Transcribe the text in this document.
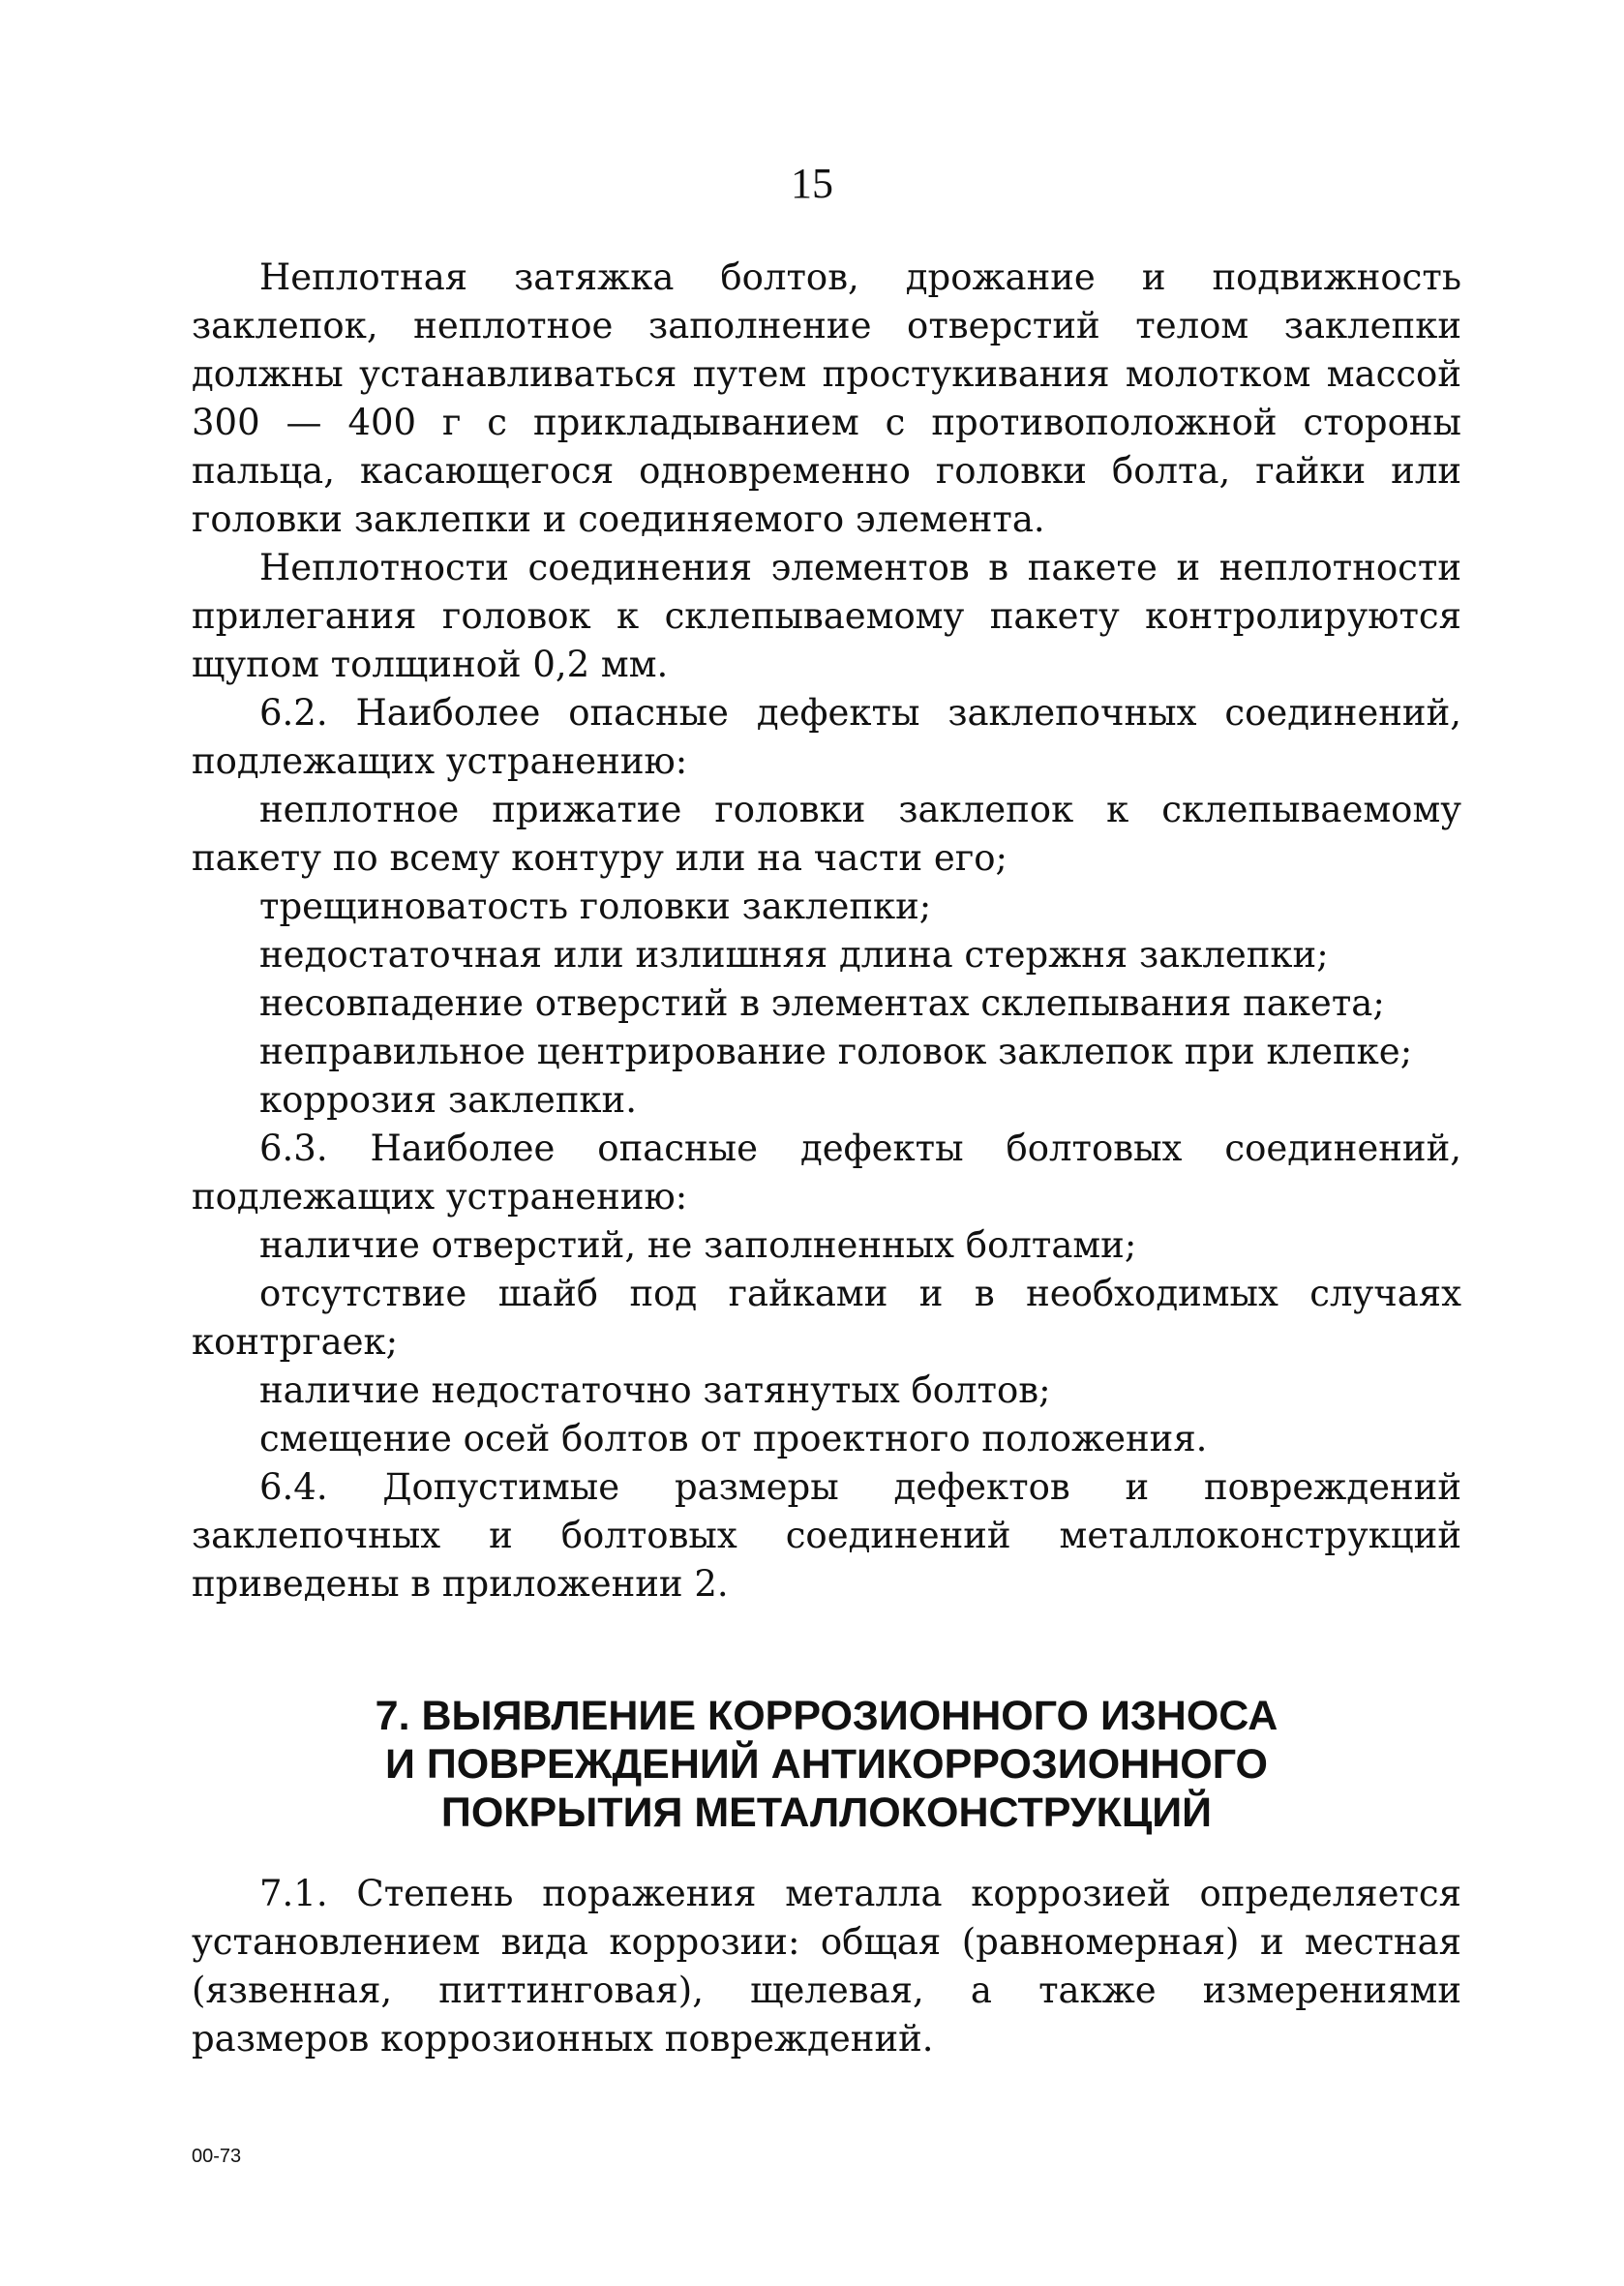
15

Неплотная затяжка болтов, дрожание и подвижность заклепок, неплотное заполнение отверстий телом заклепки должны устанавливаться путем простукивания молотком массой 300 — 400 г с прикладыванием с противоположной стороны пальца, касающегося одновременно головки болта, гайки или головки заклепки и соединяемого элемента.

Неплотности соединения элементов в пакете и неплотности прилегания головок к склепываемому пакету контролируются щупом толщиной 0,2 мм.

6.2. Наиболее опасные дефекты заклепочных соединений, подлежащих устранению:

неплотное прижатие головки заклепок к склепываемому пакету по всему контуру или на части его;

трещиноватость головки заклепки;

недостаточная или излишняя длина стержня заклепки;

несовпадение отверстий в элементах склепывания пакета;

неправильное центрирование головок заклепок при клепке;

коррозия заклепки.

6.3. Наиболее опасные дефекты болтовых соединений, подлежащих устранению:

наличие отверстий, не заполненных болтами;

отсутствие шайб под гайками и в необходимых случаях контргаек;

наличие недостаточно затянутых болтов;

смещение осей болтов от проектного положения.

6.4. Допустимые размеры дефектов и повреждений заклепочных и болтовых соединений металлоконструкций приведены в приложении 2.

7. ВЫЯВЛЕНИЕ КОРРОЗИОННОГО ИЗНОСА
И ПОВРЕЖДЕНИЙ АНТИКОРРОЗИОННОГО
ПОКРЫТИЯ МЕТАЛЛОКОНСТРУКЦИЙ

7.1. Степень поражения металла коррозией определяется установлением вида коррозии: общая (равномерная) и местная (язвенная, питтинговая), щелевая, а также измерениями размеров коррозионных повреждений.

00-73
